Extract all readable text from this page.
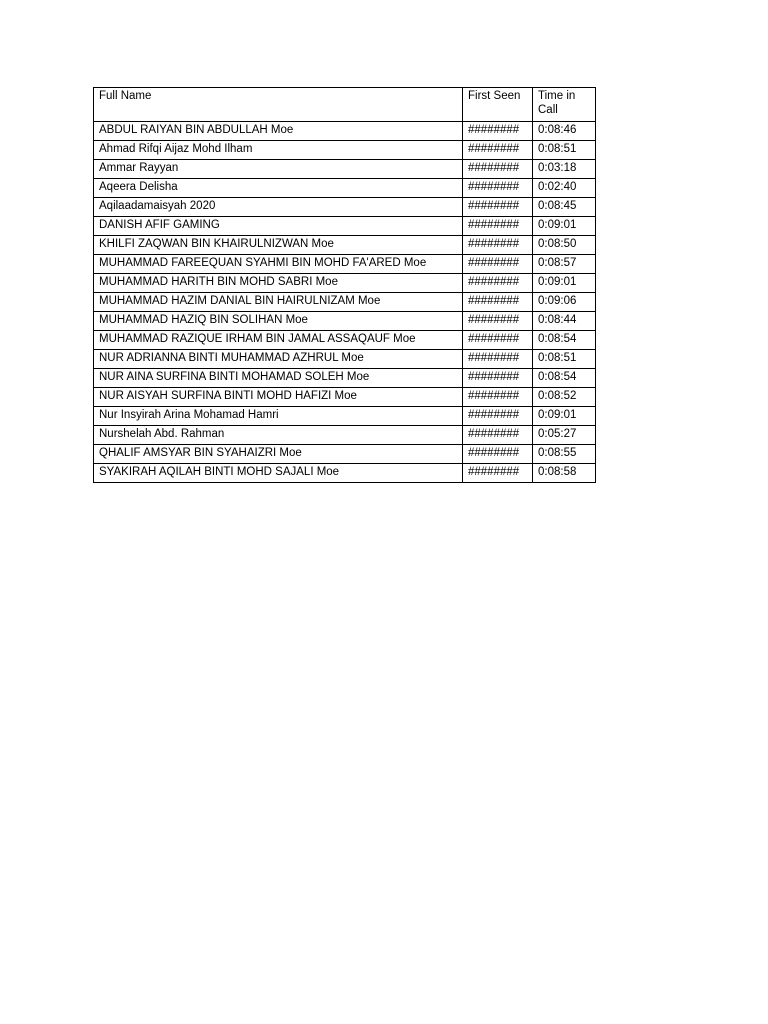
Full Name	First Seen	Time in Call
ABDUL RAIYAN BIN ABDULLAH Moe	########	0:08:46
Ahmad Rifqi Aijaz Mohd Ilham	########	0:08:51
Ammar Rayyan	########	0:03:18
Aqeera Delisha	########	0:02:40
Aqilaadamaisyah 2020	########	0:08:45
DANISH AFIF GAMING	########	0:09:01
KHILFI ZAQWAN BIN KHAIRULNIZWAN Moe	########	0:08:50
MUHAMMAD FAREEQUAN SYAHMI BIN MOHD FA'ARED Moe	########	0:08:57
MUHAMMAD HARITH BIN MOHD SABRI Moe	########	0:09:01
MUHAMMAD HAZIM DANIAL BIN HAIRULNIZAM Moe	########	0:09:06
MUHAMMAD HAZIQ BIN SOLIHAN Moe	########	0:08:44
MUHAMMAD RAZIQUE IRHAM BIN JAMAL ASSAQAUF Moe	########	0:08:54
NUR ADRIANNA BINTI MUHAMMAD AZHRUL Moe	########	0:08:51
NUR AINA SURFINA BINTI MOHAMAD SOLEH Moe	########	0:08:54
NUR AISYAH SURFINA BINTI MOHD HAFIZI Moe	########	0:08:52
Nur Insyirah Arina Mohamad Hamri	########	0:09:01
Nurshelah Abd. Rahman	########	0:05:27
QHALIF AMSYAR BIN SYAHAIZRI Moe	########	0:08:55
SYAKIRAH AQILAH BINTI MOHD SAJALI Moe	########	0:08:58
